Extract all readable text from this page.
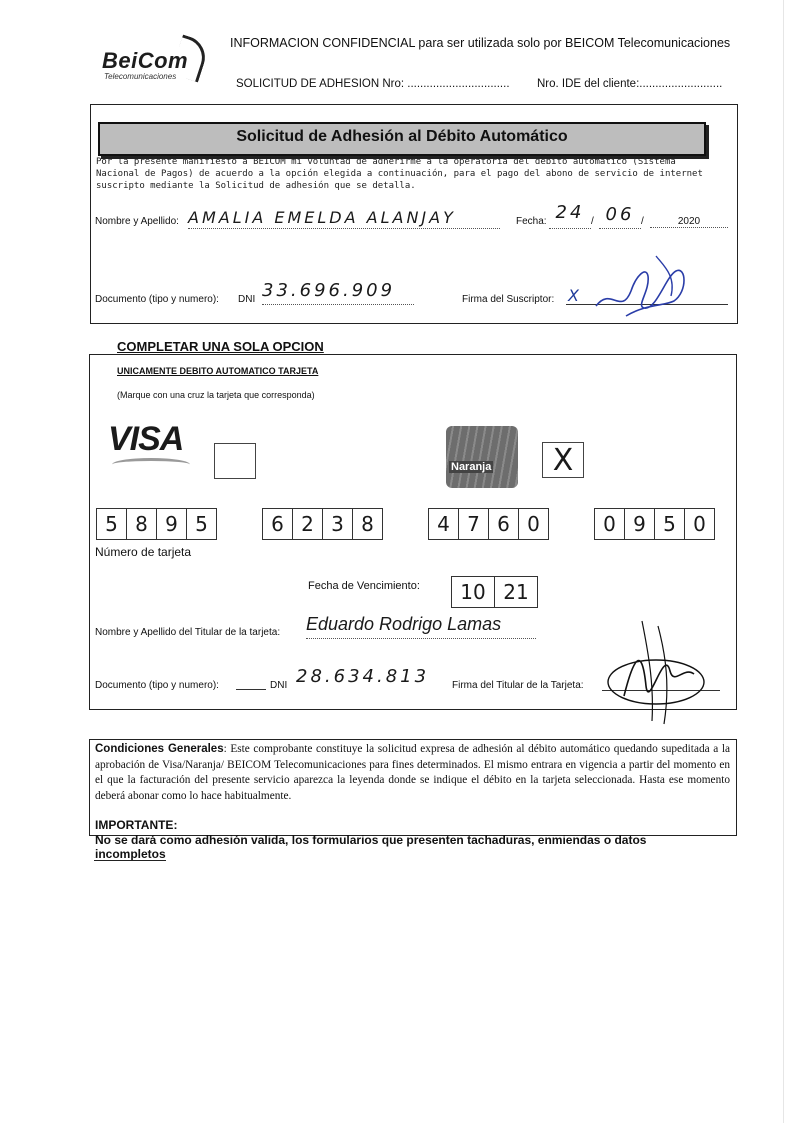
BeiCom
Telecomunicaciones
INFORMACION CONFIDENCIAL para ser utilizada solo por BEICOM Telecomunicaciones
SOLICITUD DE ADHESION Nro: ................................ Nro. IDE del cliente:..........................
Solicitud de Adhesión al Débito Automático
Por la presente manifiesto a BEICOM mi voluntad de adherirme a la operatoria del débito automático (Sistema Nacional de Pagos) de acuerdo a la opción elegida a continuación, para el pago del abono de servicio de internet suscripto mediante la Solicitud de adhesión que se detalla.
Nombre y Apellido: AMALIA EMELDA ALANJAY	Fecha: 24 / 06 /	2020
Documento (tipo y numero): DNI 33.696.909	Firma del Suscriptor: X
COMPLETAR UNA SOLA OPCION
UNICAMENTE DEBITO AUTOMATICO TARJETA
(Marque con una cruz la tarjeta que corresponda)
VISA
Naranja X
5 8 9 5	6 2 3 8	4 7 6 0	0 9 5 0
Número de tarjeta
Fecha de Vencimiento:	10 21
Nombre y Apellido del Titular de la tarjeta: Eduardo Rodrigo Lamas
Documento (tipo y numero):	DNI 28.634.813 Firma del Titular de la Tarjeta:
Condiciones Generales: Este comprobante constituye la solicitud expresa de adhesión al débito automático quedando supeditada a la aprobación de Visa/Naranja/ BEICOM Telecomunicaciones para fines determinados. El mismo entrara en vigencia a partir del momento en el que la facturación del presente servicio aparezca la leyenda donde se indique el débito en la tarjeta seleccionada. Hasta ese momento deberá abonar como lo hace habitualmente.
IMPORTANTE:
No se dará como adhesión valida, los formularios que presenten tachaduras, enmiendas o datos incompletos
